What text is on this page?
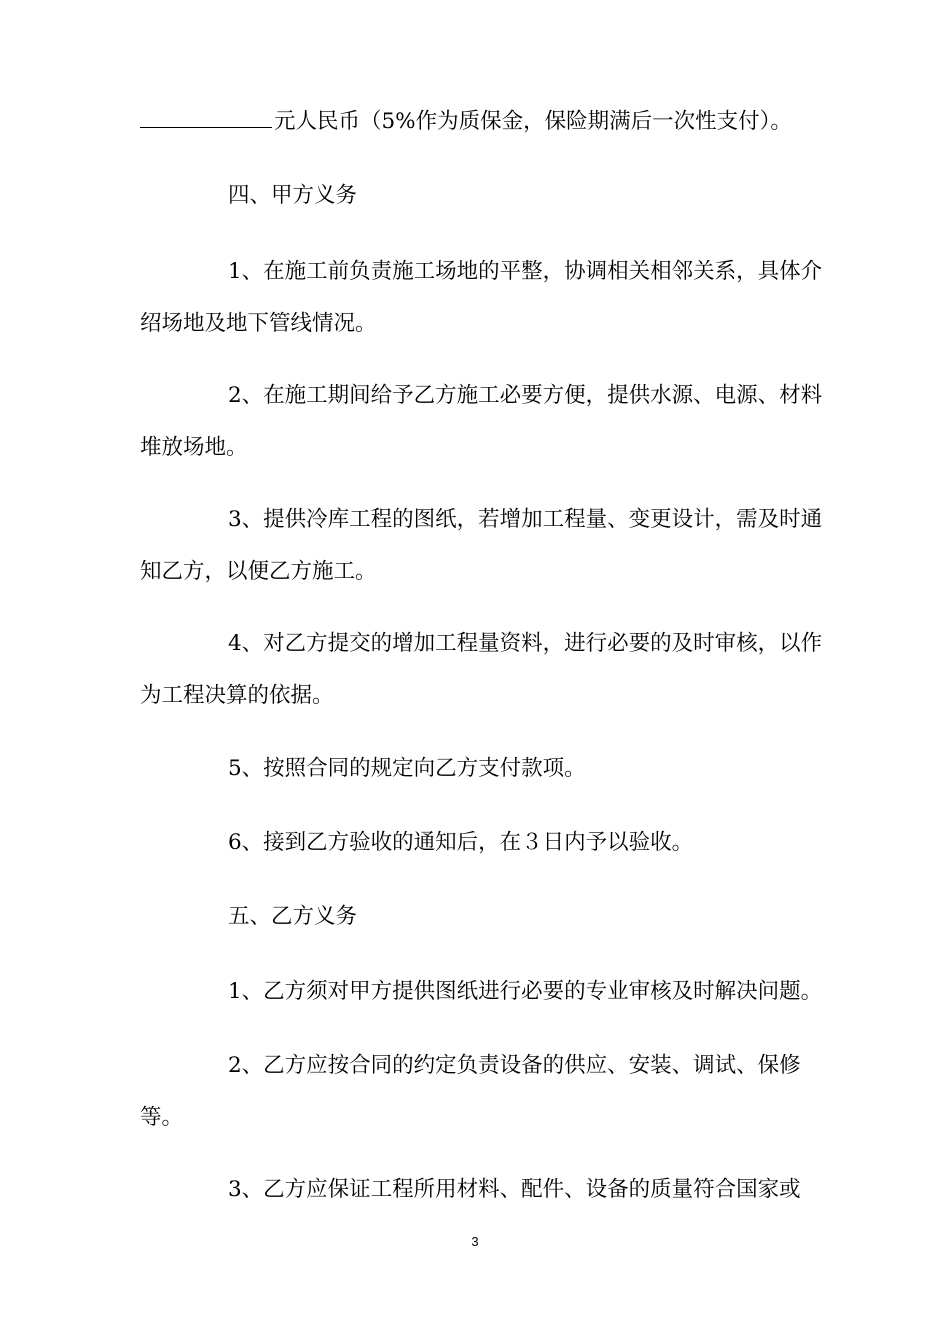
元人民币（5%作为质保金，保险期满后一次性支付）。

四、甲方义务

1、在施工前负责施工场地的平整，协调相关相邻关系，具体介绍场地及地下管线情况。

2、在施工期间给予乙方施工必要方便，提供水源、电源、材料堆放场地。

3、提供冷库工程的图纸，若增加工程量、变更设计，需及时通知乙方，以便乙方施工。

4、对乙方提交的增加工程量资料，进行必要的及时审核，以作为工程决算的依据。

5、按照合同的规定向乙方支付款项。

6、接到乙方验收的通知后，在３日内予以验收。

五、乙方义务

1、乙方须对甲方提供图纸进行必要的专业审核及时解决问题。

2、乙方应按合同的约定负责设备的供应、安装、调试、保修等。

3、乙方应保证工程所用材料、配件、设备的质量符合国家或

3
